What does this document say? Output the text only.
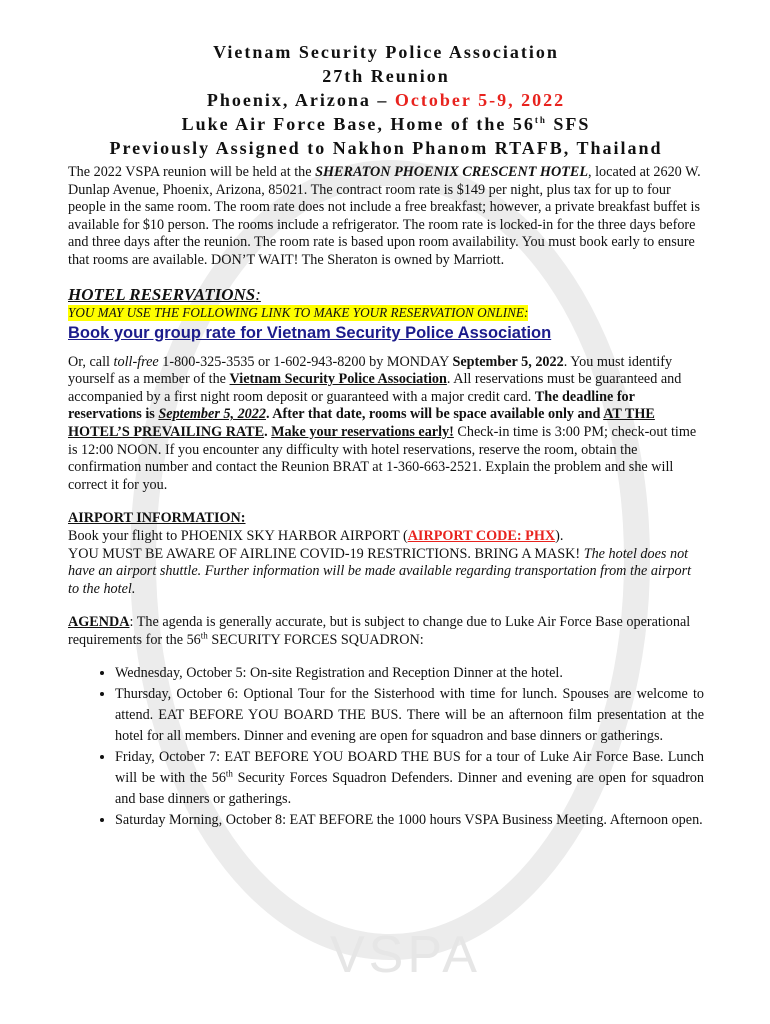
VSPA
Vietnam Security Police Association
27th Reunion
Phoenix, Arizona – October 5-9, 2022
Luke Air Force Base, Home of the 56th SFS
Previously Assigned to Nakhon Phanom RTAFB, Thailand

The 2022 VSPA reunion will be held at the SHERATON PHOENIX CRESCENT HOTEL, located at 2620 W. Dunlap Avenue, Phoenix, Arizona, 85021. The contract room rate is $149 per night, plus tax for up to four people in the same room. The room rate does not include a free breakfast; however, a private breakfast buffet is available for $10 person. The rooms include a refrigerator. The room rate is locked-in for the three days before and three days after the reunion. The room rate is based upon room availability. You must book early to ensure that rooms are available. DON’T WAIT! The Sheraton is owned by Marriott.

HOTEL RESERVATIONS:
YOU MAY USE THE FOLLOWING LINK TO MAKE YOUR RESERVATION ONLINE:
Book your group rate for Vietnam Security Police Association

Or, call toll-free 1-800-325-3535 or 1-602-943-8200 by MONDAY September 5, 2022. You must identify yourself as a member of the Vietnam Security Police Association. All reservations must be guaranteed and accompanied by a first night room deposit or guaranteed with a major credit card. The deadline for reservations is September 5, 2022. After that date, rooms will be space available only and AT THE HOTEL’S PREVAILING RATE. Make your reservations early! Check-in time is 3:00 PM; check-out time is 12:00 NOON. If you encounter any difficulty with hotel reservations, reserve the room, obtain the confirmation number and contact the Reunion BRAT at 1-360-663-2521. Explain the problem and she will correct it for you.

AIRPORT INFORMATION:
Book your flight to PHOENIX SKY HARBOR AIRPORT (AIRPORT CODE: PHX).
YOU MUST BE AWARE OF AIRLINE COVID-19 RESTRICTIONS. BRING A MASK! The hotel does not have an airport shuttle. Further information will be made available regarding transportation from the airport to the hotel.

AGENDA: The agenda is generally accurate, but is subject to change due to Luke Air Force Base operational requirements for the 56th SECURITY FORCES SQUADRON:

• Wednesday, October 5: On-site Registration and Reception Dinner at the hotel.
• Thursday, October 6: Optional Tour for the Sisterhood with time for lunch. Spouses are welcome to attend. EAT BEFORE YOU BOARD THE BUS. There will be an afternoon film presentation at the hotel for all members. Dinner and evening are open for squadron and base dinners or gatherings.
• Friday, October 7: EAT BEFORE YOU BOARD THE BUS for a tour of Luke Air Force Base. Lunch will be with the 56th Security Forces Squadron Defenders. Dinner and evening are open for squadron and base dinners or gatherings.
• Saturday Morning, October 8: EAT BEFORE the 1000 hours VSPA Business Meeting. Afternoon open.
